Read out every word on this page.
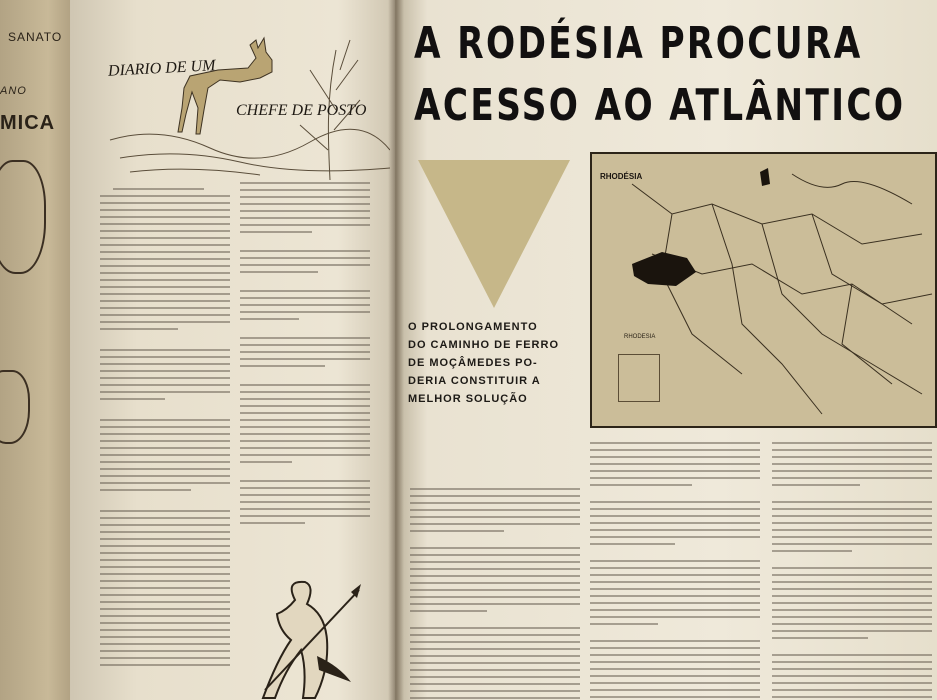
SANATO
ANO
MICA
DIARIO DE UM
CHEFE DE POSTO
A RODÉSIA PROCURA
ACESSO AO ATLÂNTICO
O PROLONGAMENTO
DO CAMINHO DE FERRO
DE MOÇÂMEDES PO-
DERIA CONSTITUIR A
MELHOR SOLUÇÃO
RHODÉSIA
RHODESIA
